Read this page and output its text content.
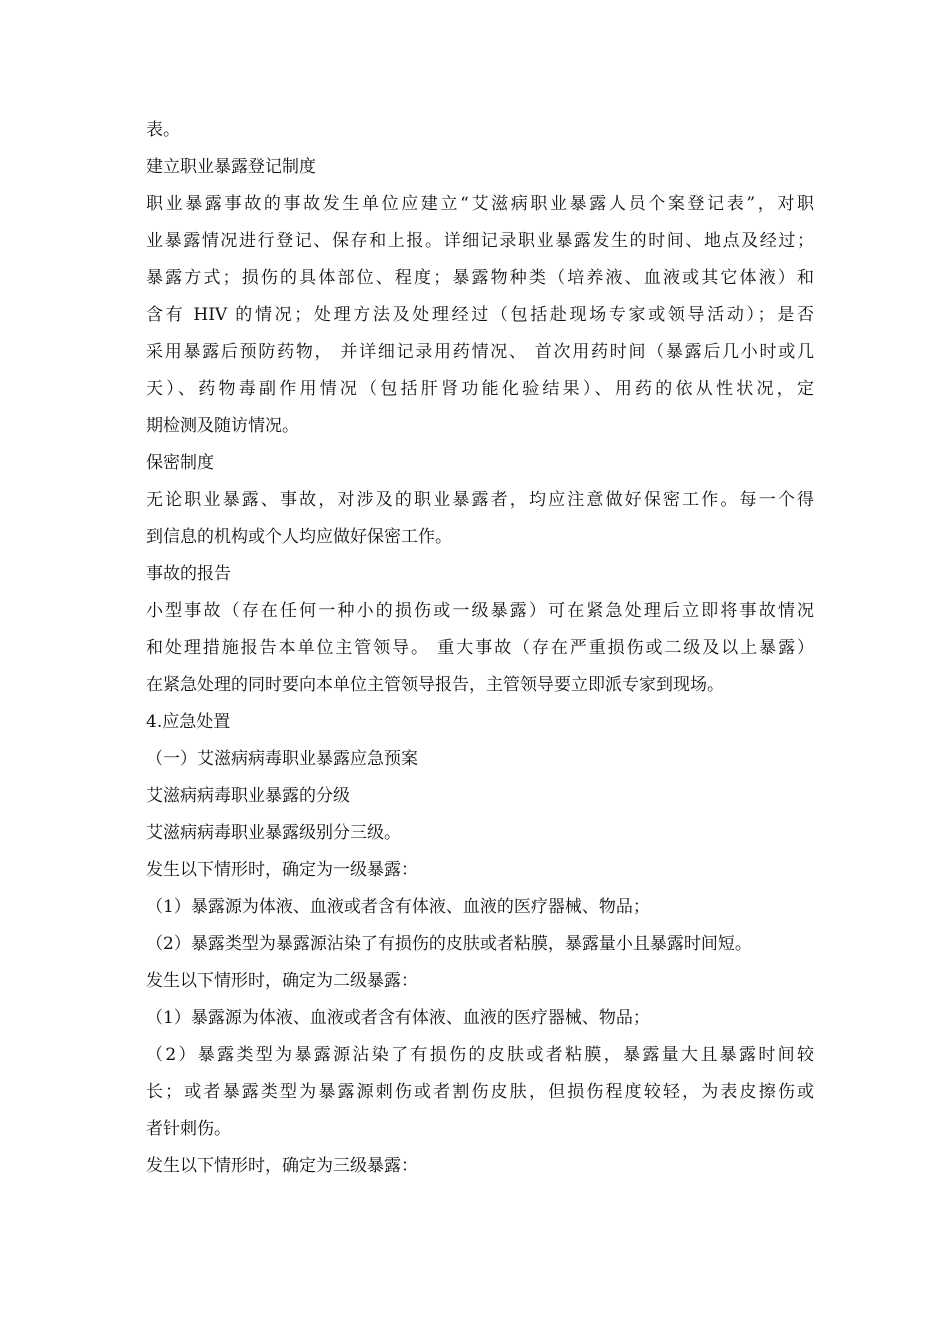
表。
建立职业暴露登记制度
职业暴露事故的事故发生单位应建立“艾滋病职业暴露人员个案登记表”，对职
业暴露情况进行登记、保存和上报。详细记录职业暴露发生的时间、地点及经过；
暴露方式；损伤的具体部位、程度；暴露物种类（培养液、血液或其它体液）和
含有 HIV 的情况；处理方法及处理经过（包括赴现场专家或领导活动）；是否
采用暴露后预防药物， 并详细记录用药情况、 首次用药时间（暴露后几小时或几
天）、药物毒副作用情况（包括肝肾功能化验结果）、用药的依从性状况，定
期检测及随访情况。
保密制度
无论职业暴露、事故，对涉及的职业暴露者，均应注意做好保密工作。每一个得
到信息的机构或个人均应做好保密工作。
事故的报告
小型事故（存在任何一种小的损伤或一级暴露）可在紧急处理后立即将事故情况
和处理措施报告本单位主管领导。 重大事故（存在严重损伤或二级及以上暴露）
在紧急处理的同时要向本单位主管领导报告，主管领导要立即派专家到现场。
4.应急处置
（一）艾滋病病毒职业暴露应急预案
艾滋病病毒职业暴露的分级
艾滋病病毒职业暴露级别分三级。
发生以下情形时，确定为一级暴露：
（1）暴露源为体液、血液或者含有体液、血液的医疗器械、物品；
（2）暴露类型为暴露源沾染了有损伤的皮肤或者粘膜，暴露量小且暴露时间短。
发生以下情形时，确定为二级暴露：
（1）暴露源为体液、血液或者含有体液、血液的医疗器械、物品；
（2）暴露类型为暴露源沾染了有损伤的皮肤或者粘膜，暴露量大且暴露时间较
长；或者暴露类型为暴露源刺伤或者割伤皮肤，但损伤程度较轻，为表皮擦伤或
者针刺伤。
发生以下情形时，确定为三级暴露：
